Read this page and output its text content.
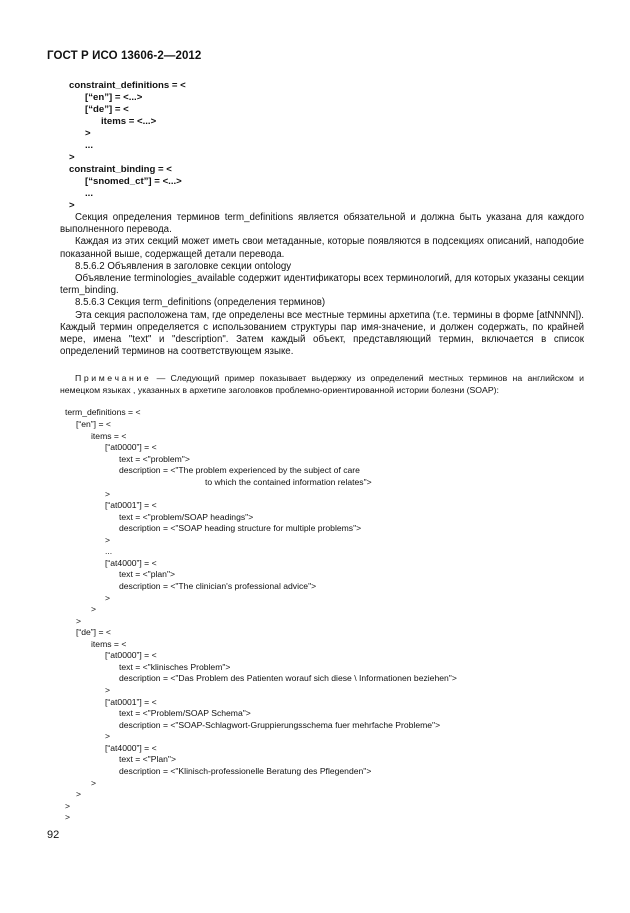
ГОСТ Р ИСО 13606-2—2012
constraint_definitions = <
[“en”] = <...>
[“de”] = <
items = <...>
>
...
>
constraint_binding = <
[“snomed_ct”] = <...>
...
>

Секция определения терминов term_definitions является обязательной и должна быть указана для каждого выполненного перевода.

Каждая из этих секций может иметь свои метаданные, которые появляются в подсекциях описаний, наподобие показанной выше, содержащей детали перевода.

8.5.6.2 Объявления в заголовке секции ontology

Объявление terminologies_available содержит идентификаторы всех терминологий, для которых указаны секции term_binding.

8.5.6.3 Секция term_definitions (определения терминов)

Эта секция расположена там, где определены все местные термины архетипа (т.е. термины в форме [atNNNN]). Каждый термин определяется с использованием структуры пар имя-значение, и должен содержать, по крайней мере, имена "text" и "description". Затем каждый объект, представляющий термин, включается в список определений терминов на соответствующем языке.

Примечание — Следующий пример показывает выдержку из определений местных терминов на английском и немецком языках , указанных в архетипе заголовков проблемно-ориентированной истории болезни (SOAP):

term_definitions = <
[“en”] = <
items = <
[“at0000”] = <
text = <"problem">
description = <"The problem experienced by the subject of care
to which the contained information relates">
>
[“at0001”] = <
text = <"problem/SOAP headings">
description = <"SOAP heading structure for multiple problems">
>
...
[“at4000”] = <
text = <"plan">
description = <"The clinician's professional advice">
>
>
>
[“de”] = <
items = <
[“at0000”] = <
text = <"klinisches Problem">
description = <"Das Problem des Patienten worauf sich diese \ Informationen beziehen">
>
[“at0001”] = <
text = <"Problem/SOAP Schema">
description = <"SOAP-Schlagwort-Gruppierungsschema fuer mehrfache Probleme">
>
[“at4000”] = <
text = <"Plan">
description = <"Klinisch-professionelle Beratung des Pflegenden">
>
>
>
>
92
